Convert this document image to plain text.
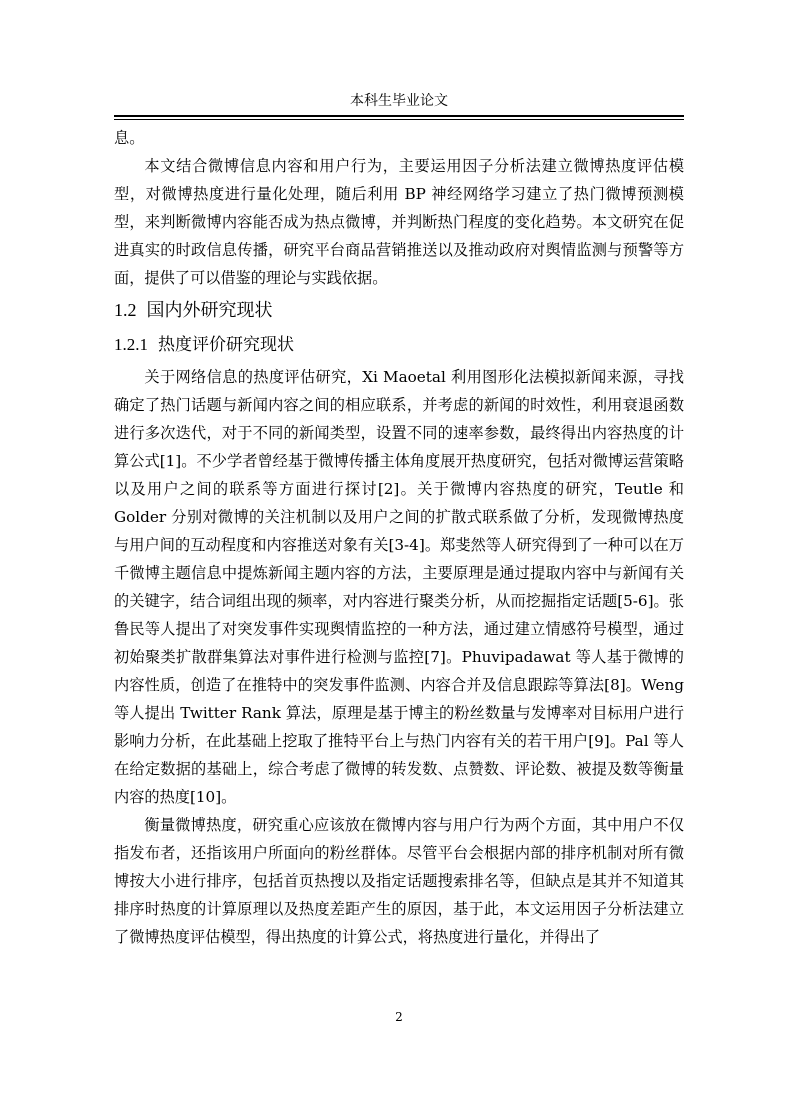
本科生毕业论文

息。

本文结合微博信息内容和用户行为，主要运用因子分析法建立微博热度评估模型，对微博热度进行量化处理，随后利用 BP 神经网络学习建立了热门微博预测模型，来判断微博内容能否成为热点微博，并判断热门程度的变化趋势。本文研究在促进真实的时政信息传播，研究平台商品营销推送以及推动政府对舆情监测与预警等方面，提供了可以借鉴的理论与实践依据。

1.2 国内外研究现状
1.2.1 热度评价研究现状

关于网络信息的热度评估研究，Xi Maoetal 利用图形化法模拟新闻来源，寻找确定了热门话题与新闻内容之间的相应联系，并考虑的新闻的时效性，利用衰退函数进行多次迭代，对于不同的新闻类型，设置不同的速率参数，最终得出内容热度的计算公式[1]。不少学者曾经基于微博传播主体角度展开热度研究，包括对微博运营策略以及用户之间的联系等方面进行探讨[2]。关于微博内容热度的研究，Teutle 和 Golder 分别对微博的关注机制以及用户之间的扩散式联系做了分析，发现微博热度与用户间的互动程度和内容推送对象有关[3-4]。郑斐然等人研究得到了一种可以在万千微博主题信息中提炼新闻主题内容的方法，主要原理是通过提取内容中与新闻有关的关键字，结合词组出现的频率，对内容进行聚类分析，从而挖掘指定话题[5-6]。张鲁民等人提出了对突发事件实现舆情监控的一种方法，通过建立情感符号模型，通过初始聚类扩散群集算法对事件进行检测与监控[7]。Phuvipadawat 等人基于微博的内容性质，创造了在推特中的突发事件监测、内容合并及信息跟踪等算法[8]。Weng 等人提出 Twitter Rank 算法，原理是基于博主的粉丝数量与发博率对目标用户进行影响力分析，在此基础上挖取了推特平台上与热门内容有关的若干用户[9]。Pal 等人在给定数据的基础上，综合考虑了微博的转发数、点赞数、评论数、被提及数等衡量内容的热度[10]。

衡量微博热度，研究重心应该放在微博内容与用户行为两个方面，其中用户不仅指发布者，还指该用户所面向的粉丝群体。尽管平台会根据内部的排序机制对所有微博按大小进行排序，包括首页热搜以及指定话题搜索排名等，但缺点是其并不知道其排序时热度的计算原理以及热度差距产生的原因，基于此，本文运用因子分析法建立了微博热度评估模型，得出热度的计算公式，将热度进行量化，并得出了

2
